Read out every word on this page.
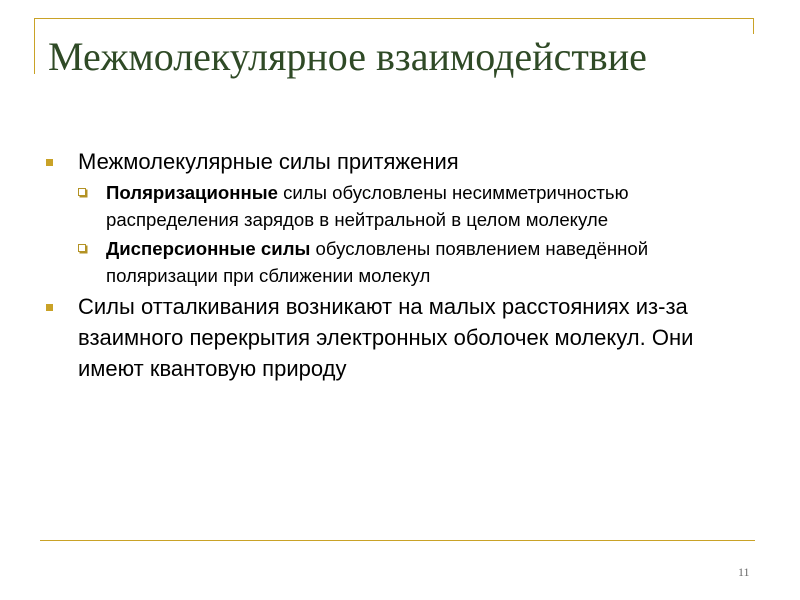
Межмолекулярное взаимодействие
Межмолекулярные силы притяжения
Поляризационные силы обусловлены несимметричностью распределения зарядов в нейтральной в целом молекуле
Дисперсионные силы обусловлены появлением наведённой поляризации при сближении молекул
Силы отталкивания возникают на малых расстояниях из-за взаимного перекрытия электронных оболочек молекул. Они имеют квантовую природу
11
